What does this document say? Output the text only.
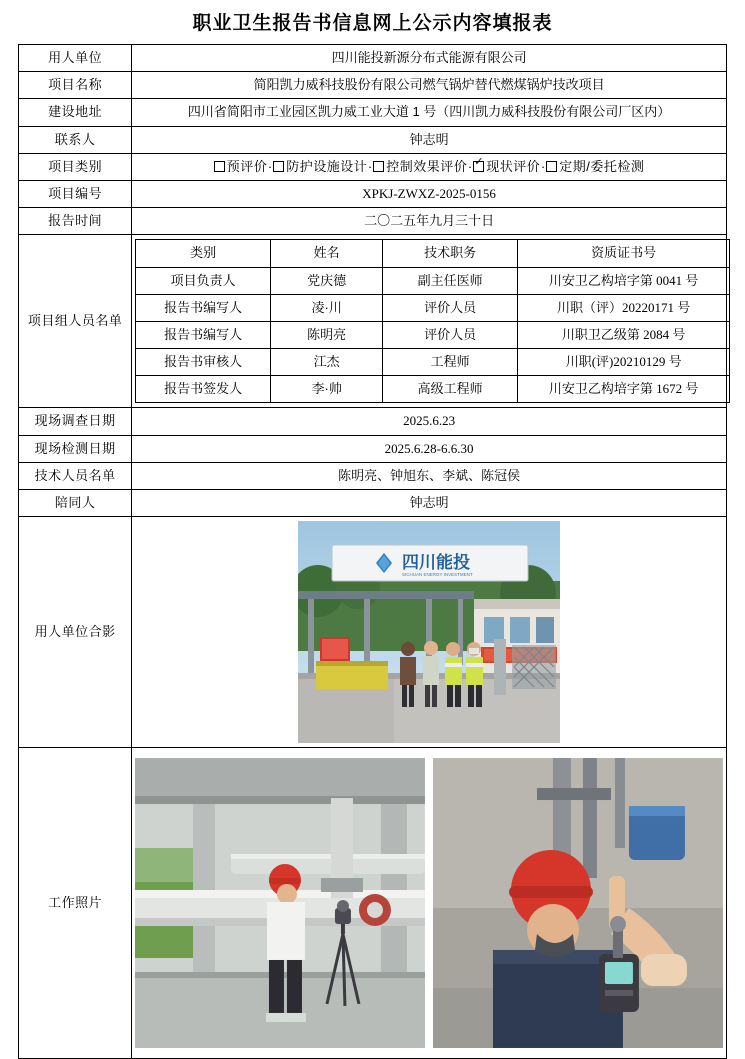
职业卫生报告书信息网上公示内容填报表
用人单位	四川能投新源分布式能源有限公司
项目名称	简阳凯力威科技股份有限公司燃气锅炉替代燃煤锅炉技改项目
建设地址	四川省简阳市工业园区凯力威工业大道 1 号（四川凯力威科技股份有限公司厂区内）
联系人	钟志明
项目类别	预评价· 防护设施设计· 控制效果评价· ✓ 现状评价· 定期/委托检测
项目编号	XPKJ-ZWXZ-2025-0156
报告时间	二〇二五年九月三十日
项目组人员名单	
类别	姓名	技术职务	资质证书号
项目负责人	党庆德	副主任医师	川安卫乙构培字第 0041 号
报告书编写人	凌·川	评价人员	川职（评）20220171 号
报告书编写人	陈明亮	评价人员	川职卫乙级第 2084 号
报告书审核人	江杰	工程师	川职(评)20210129 号
报告书签发人	李·帅	高级工程师	川安卫乙构培字第 1672 号

现场调查日期	2025.6.23
现场检测日期	2025.6.28-6.6.30
技术人员名单	陈明亮、钟旭东、李斌、陈冠侯
陪同人	钟志明
用人单位合影	
四川能投
SICHUAN ENERGY INVESTMENT

工作照片	
